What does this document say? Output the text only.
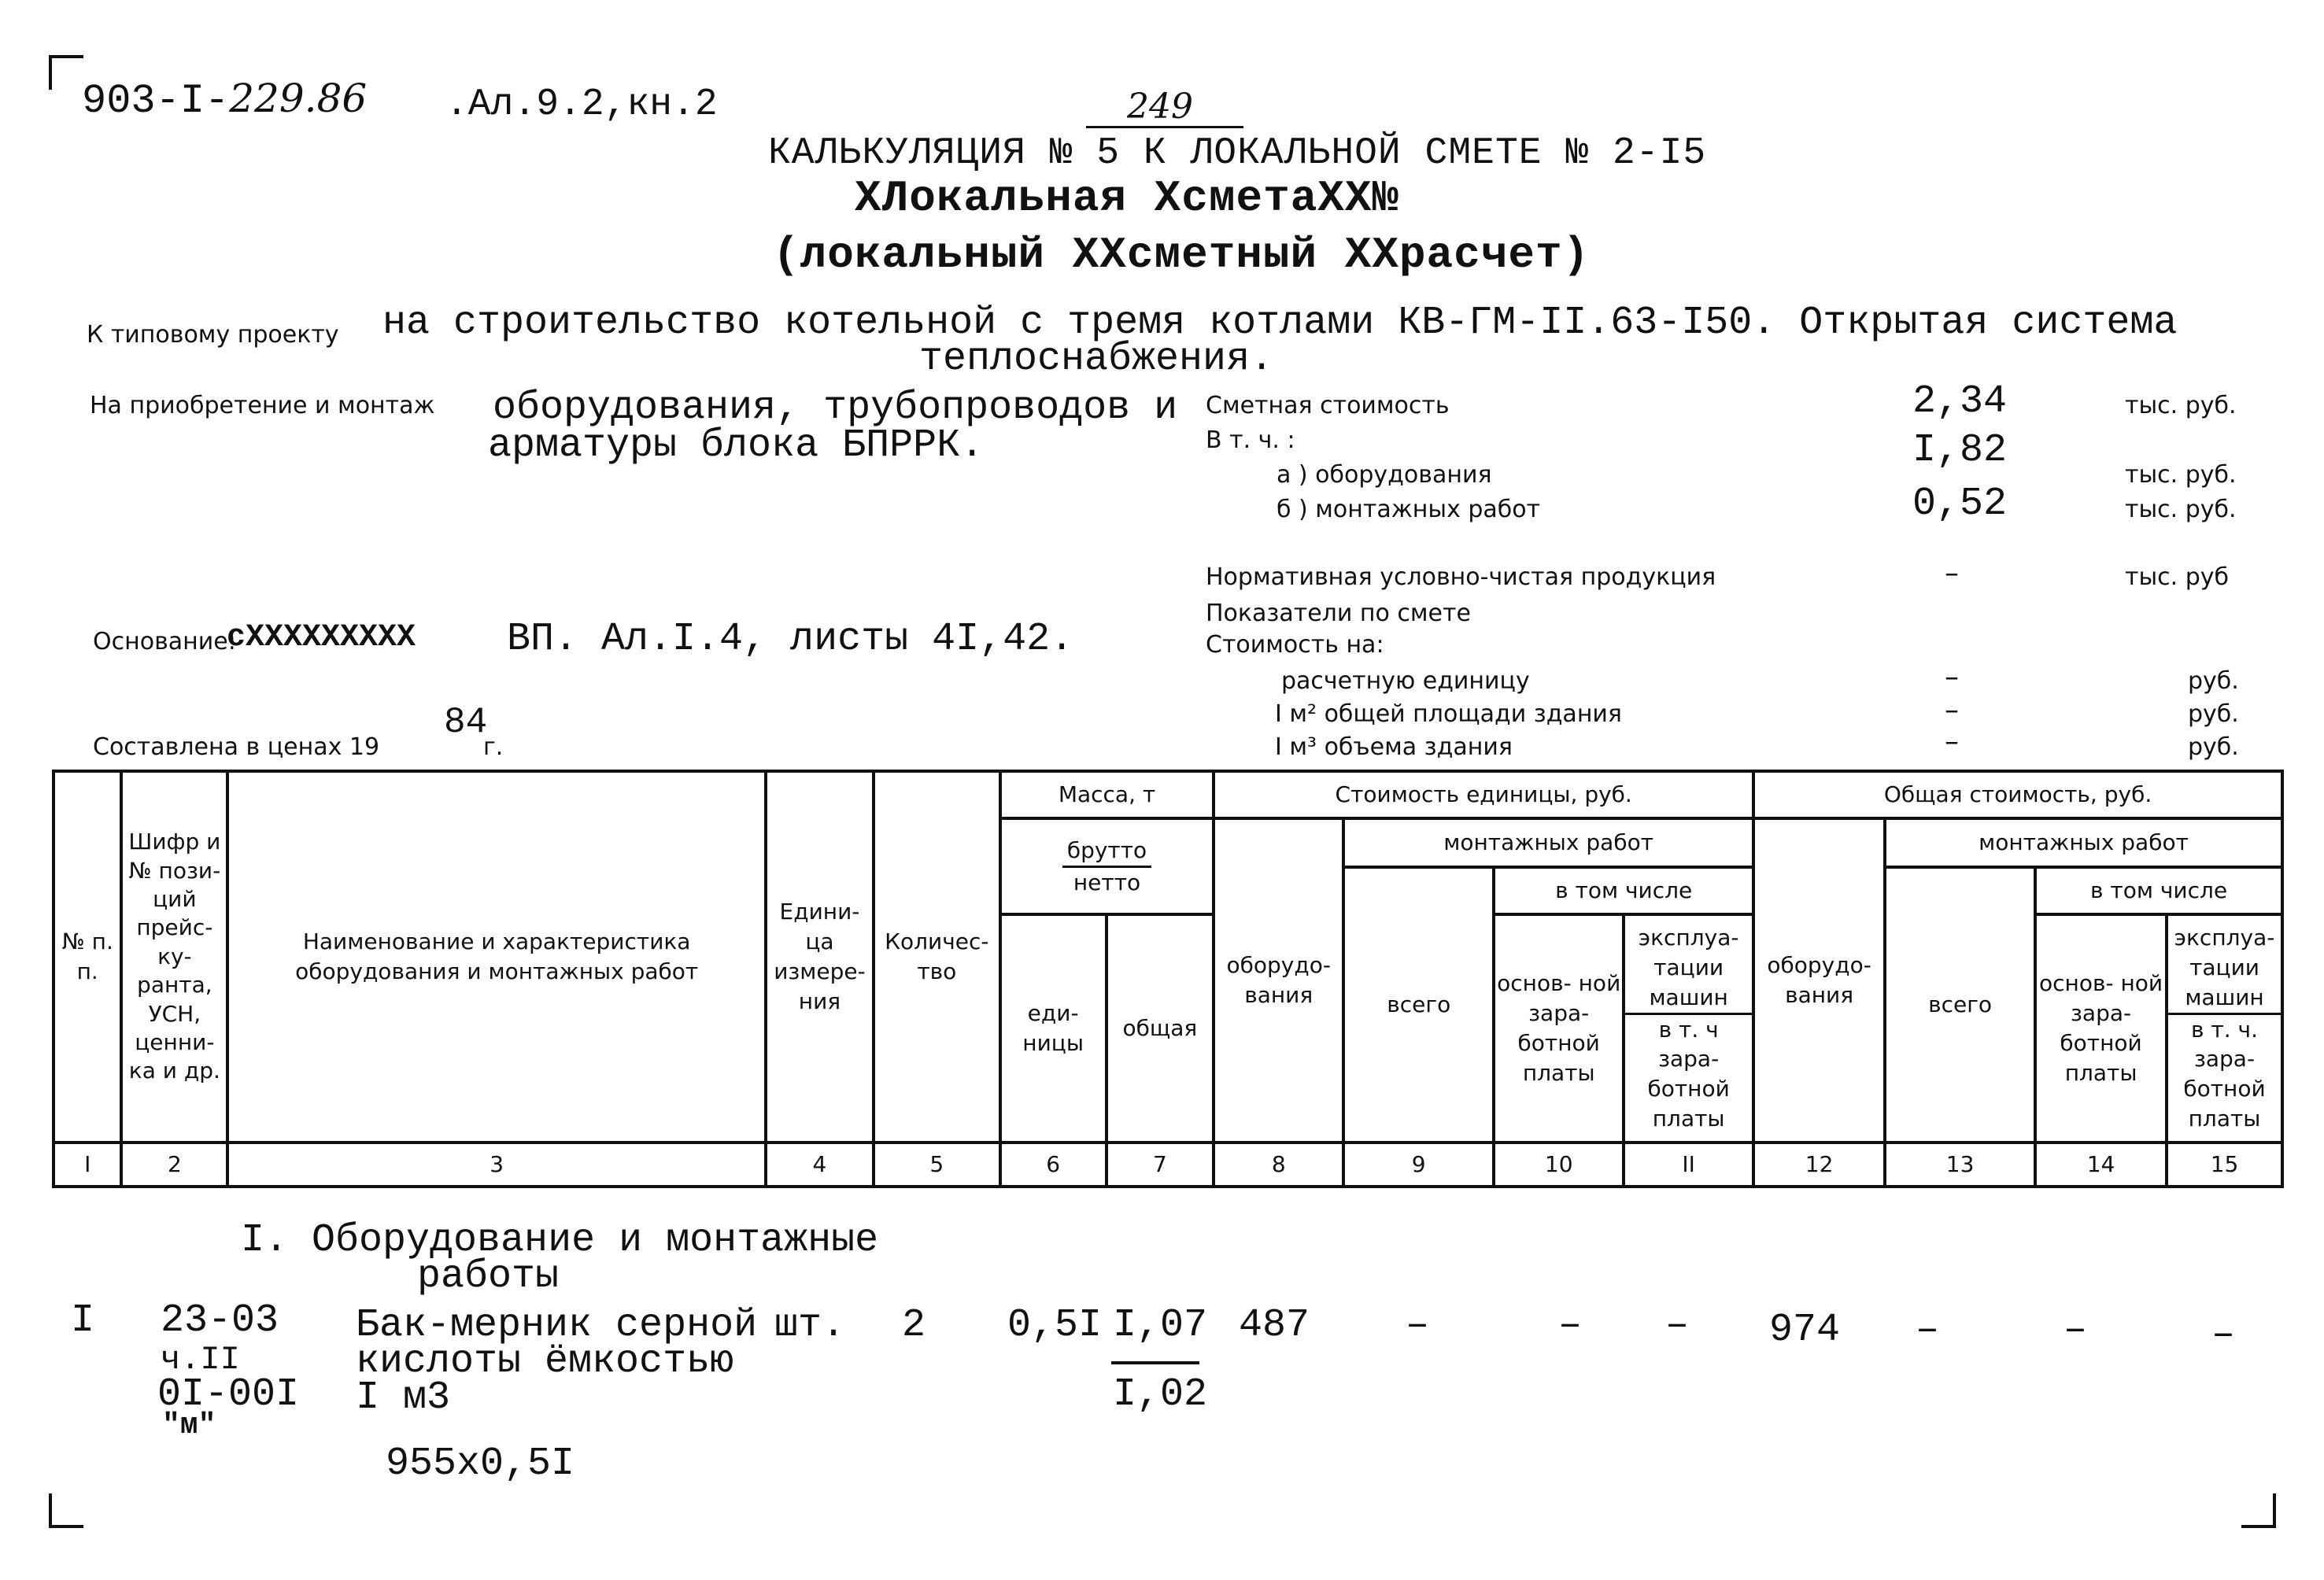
903-I-229.86 .Ал.9.2,кн.2	249
КАЛЬКУЛЯЦИЯ № 5 К ЛОКАЛЬНОЙ СМЕТЕ № 2-I5
XЛокальная XсметаXX№
(локальный XXсметный XXрасчет)
К типовому проекту на строительство котельной с тремя котлами КВ-ГМ-II.63-I50. Открытая система
теплоснабжения.
На приобретение и монтаж оборудования, трубопроводов и
арматуры блока БПРРК.
Сметная стоимость	2,34	тыс. руб.
В т. ч. :	I,82
а ) оборудования	тыс. руб.
б ) монтажных работ	0,52	тыс. руб.
Нормативная условно-чистая продукция	–	тыс. руб
Показатели по смете
Стоимость на:
расчетную единицу	–	руб.
I м² общей площади здания	–	руб.
I м³ объема здания	–	руб.
Основание:
сXXXXXXXXX ВП. Ал.I.4, листы 4I,42.
Составлена в ценах 19
84
г.
№ п. п.	Шифр и № пози- ций прейс- ку- ранта, УСН, ценни- ка и др.	Наименование и характеристика оборудования и монтажных работ	Едини- ца измере- ния	Количес- тво	Масса, т		Стоимость единицы, руб.				Общая стоимость, руб.			

					$\frac{\text{брутто}}{\text{нетто}}$		оборудо- вания	монтажных работ			оборудо- вания	монтажных работ		
								всего	в том числе			всего	в том числе	
					еди- ницы	общая			основ- ной зара- ботной платы	$\frac{\text{эксплуа- тации машин}}{\text{в т. ч зара- ботной платы}}$			основ- ной зара- ботной платы	$\frac{\text{эксплуа- тации машин}}{\text{в т. ч. зара- ботной платы}}$

I	2	3	4	5	6	7	8	9	10	II	12	13	14	15
I. Оборудование и монтажные
работы
I 23-03
ч.II
0I-00I
"м"
Бак-мерник серной
кислоты ёмкостью
I м3
шт. 2 0,5I I,07
I,02
487 –	– – 974 –	–	–
955х0,5I
